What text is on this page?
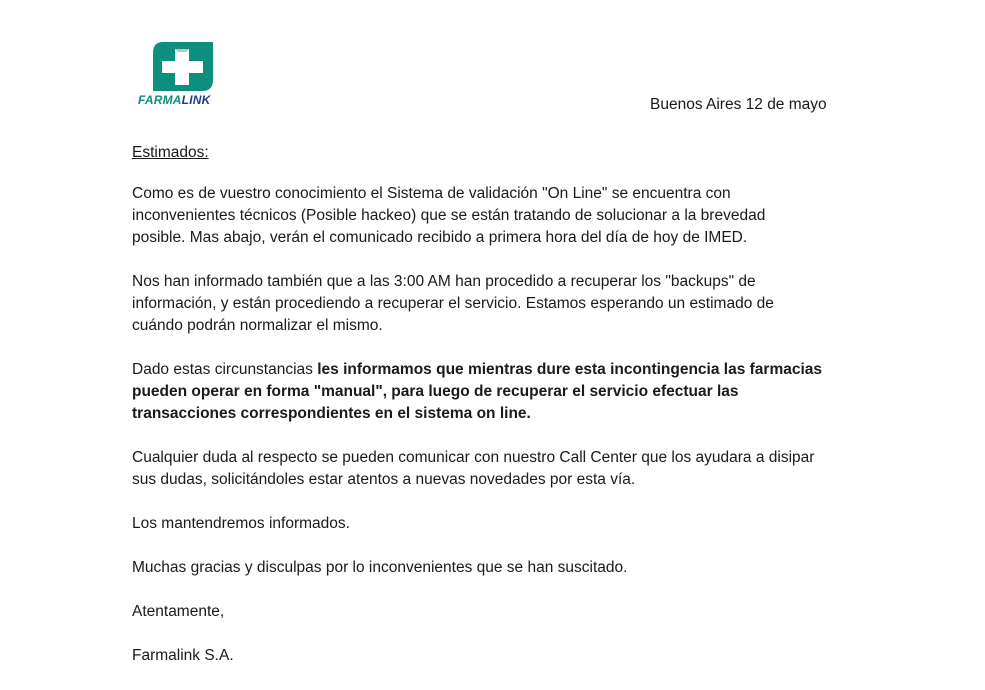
FARMALINK	Buenos Aires 12 de mayo

Estimados:

Como es de vuestro conocimiento el Sistema de validación "On Line" se encuentra con
inconvenientes técnicos (Posible hackeo) que se están tratando de solucionar a la brevedad
posible. Mas abajo, verán el comunicado recibido a primera hora del día de hoy de IMED.

Nos han informado también que a las 3:00 AM han procedido a recuperar los "backups" de
información, y están procediendo a recuperar el servicio. Estamos esperando un estimado de
cuándo podrán normalizar el mismo.

Dado estas circunstancias les informamos que mientras dure esta incontingencia las farmacias
pueden operar en forma "manual", para luego de recuperar el servicio efectuar las
transacciones correspondientes en el sistema on line.

Cualquier duda al respecto se pueden comunicar con nuestro Call Center que los ayudara a disipar
sus dudas, solicitándoles estar atentos a nuevas novedades por esta vía.

Los mantendremos informados.

Muchas gracias y disculpas por lo inconvenientes que se han suscitado.

Atentamente,

Farmalink S.A.
